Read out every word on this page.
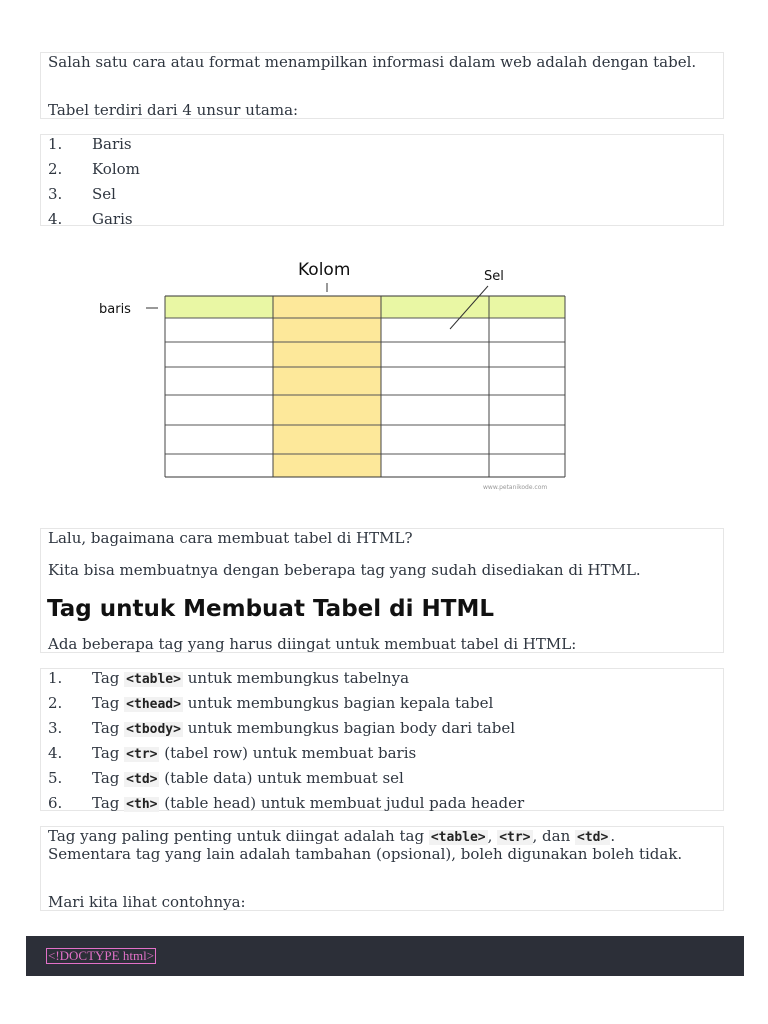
Salah satu cara atau format menampilkan informasi dalam web adalah dengan tabel.

Tabel terdiri dari 4 unsur utama:

1. Baris
2. Kolom
3. Sel
4. Garis
Kolom	Sel
baris
www.petanikode.com

Lalu, bagaimana cara membuat tabel di HTML?

Kita bisa membuatnya dengan beberapa tag yang sudah disediakan di HTML.

Ada beberapa tag yang harus diingat untuk membuat tabel di HTML:

Tag untuk Membuat Tabel di HTML
1. Tag <table> untuk membungkus tabelnya
2. Tag <thead> untuk membungkus bagian kepala tabel
3. Tag <tbody> untuk membungkus bagian body dari tabel
4. Tag <tr> (tabel row) untuk membuat baris
5. Tag <td> (table data) untuk membuat sel
6. Tag <th> (table head) untuk membuat judul pada header

Tag yang paling penting untuk diingat adalah tag <table> , <tr> , dan <td> .
Sementara tag yang lain adalah tambahan (opsional), boleh digunakan boleh tidak.

Mari kita lihat contohnya:

<!DOCTYPE html>
